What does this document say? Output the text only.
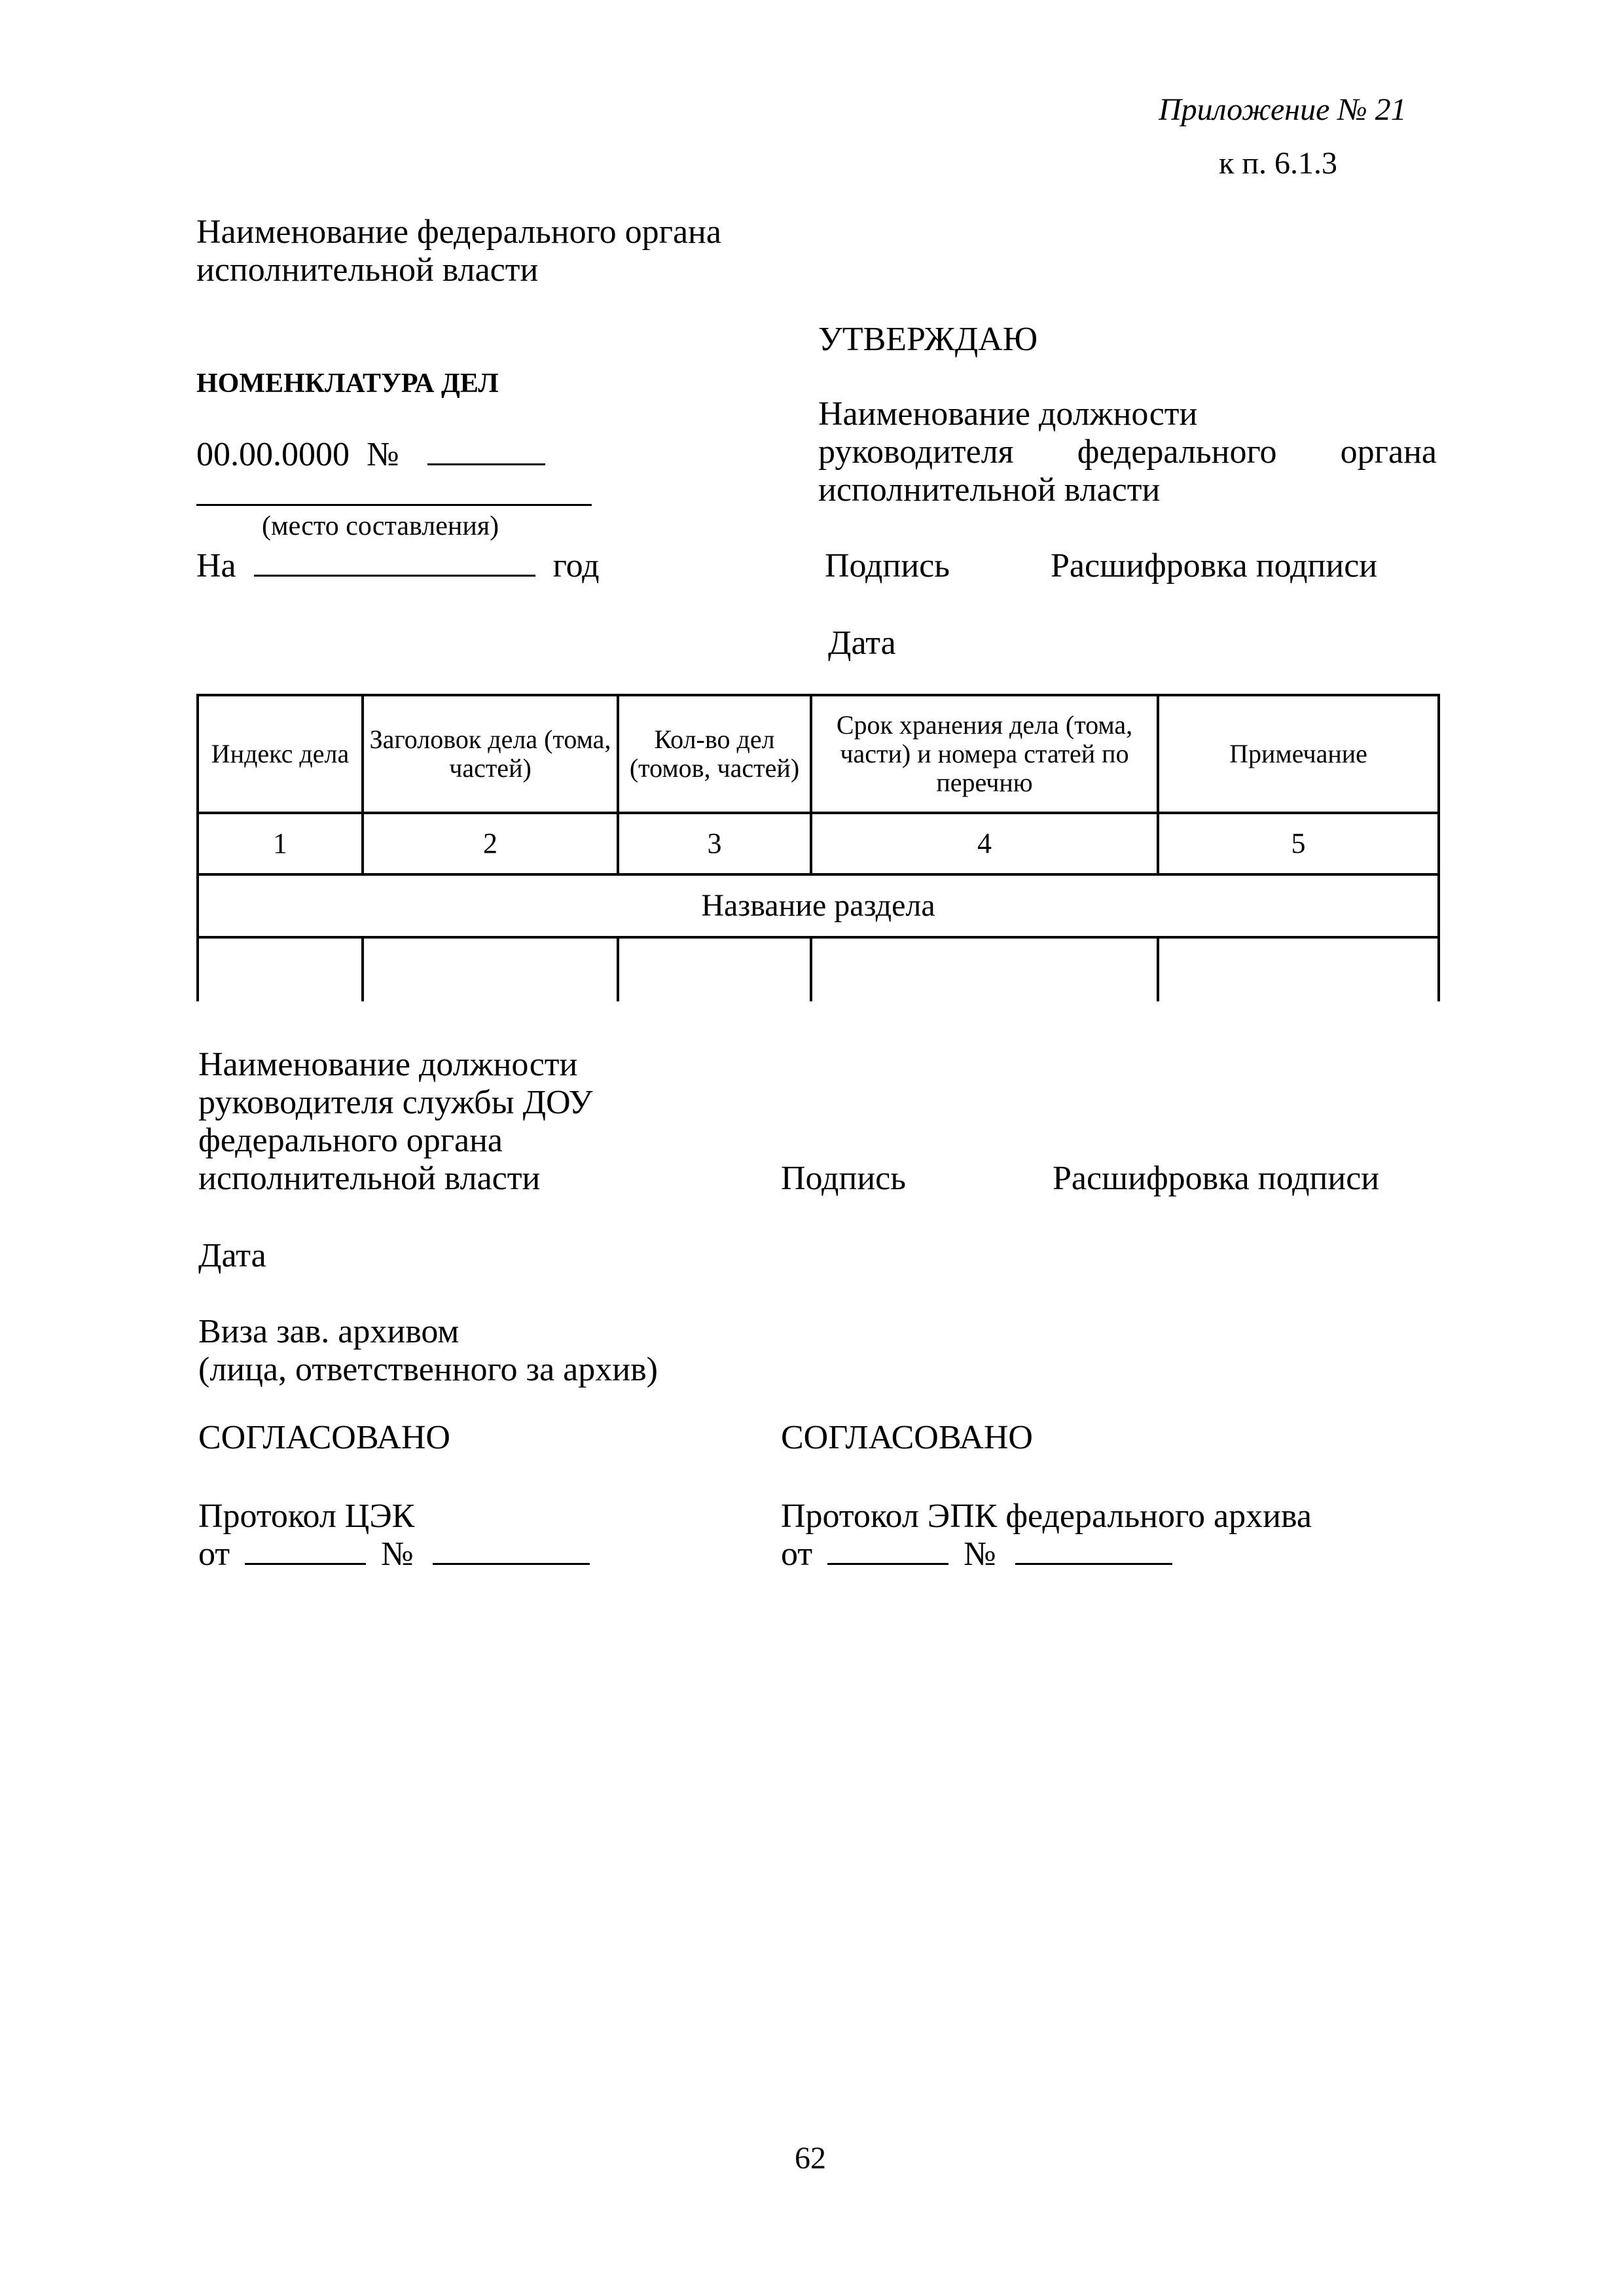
Приложение № 21
к п. 6.1.3
Наименование федерального органа
исполнительной власти
УТВЕРЖДАЮ
Наименование должности
руководителя федерального органа
исполнительной власти
Подпись	Расшифровка подписи
Дата
НОМЕНКЛАТУРА ДЕЛ
00.00.0000 №
(место составления)
На	год
Индекс дела	Заголовок дела (тома, частей)	Кол-во дел (томов, частей)	Срок хранения дела (тома, части) и номера статей по перечню	Примечание
1	2	3	4	5
Название раздела				

Наименование должности
руководителя службы ДОУ
федерального органа
исполнительной власти	Подпись	Расшифровка подписи
Дата
Виза зав. архивом
(лица, ответственного за архив)
СОГЛАСОВАНО
Протокол ЦЭК
от	№
СОГЛАСОВАНО
Протокол ЭПК федерального архива
от	№
62
